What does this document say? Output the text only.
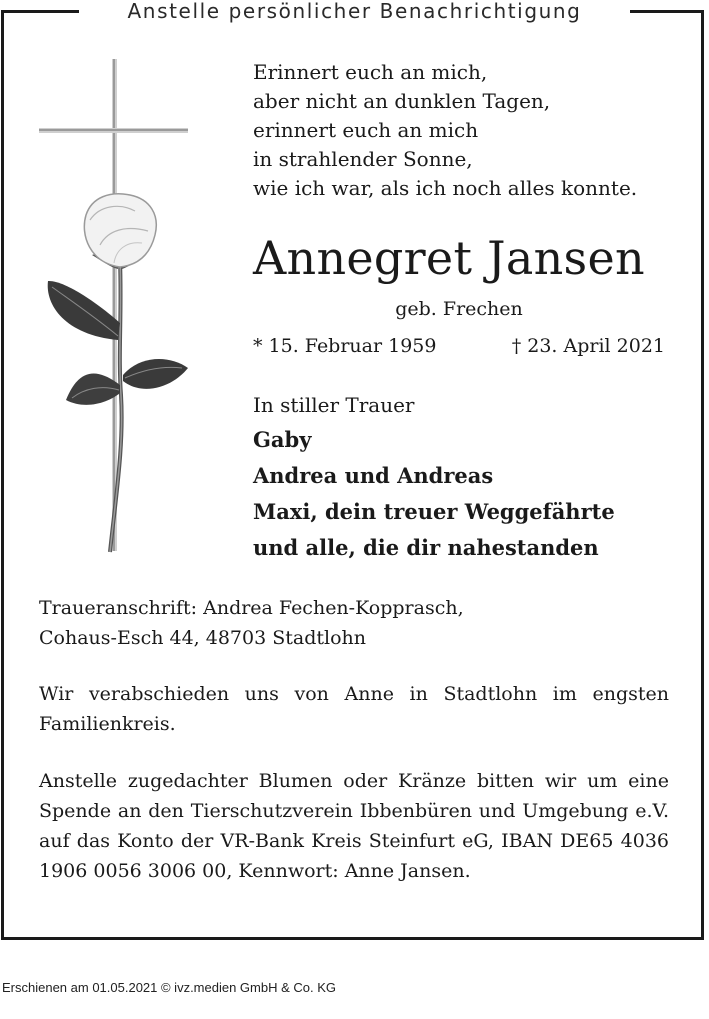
Anstelle persönlicher Benachrichtigung
Erinnert euch an mich,
aber nicht an dunklen Tagen,
erinnert euch an mich
in strahlender Sonne,
wie ich war, als ich noch alles konnte.
Annegret Jansen
geb. Frechen
* 15. Februar 1959	† 23. April 2021
In stiller Trauer
Gaby
Andrea und Andreas
Maxi, dein treuer Weggefährte
und alle, die dir nahestanden
Traueranschrift: Andrea Fechen-Kopprasch,
Cohaus-Esch 44, 48703 Stadtlohn
Wir verabschieden uns von Anne in Stadtlohn im engsten Familienkreis.
Anstelle zugedachter Blumen oder Kränze bitten wir um eine Spende an den Tierschutzverein Ibbenbüren und Umgebung e.V. auf das Konto der VR-Bank Kreis Steinfurt eG, IBAN DE65 4036 1906 0056 3006 00, Kennwort: Anne Jansen.
Erschienen am 01.05.2021 © ivz.medien GmbH & Co. KG
